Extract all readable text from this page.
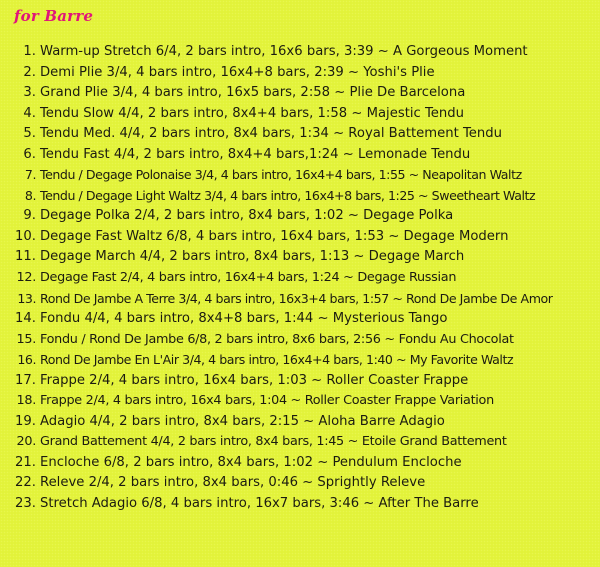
for Barre
1. Warm-up Stretch 6/4, 2 bars intro, 16x6 bars, 3:39 ~ A Gorgeous Moment
2. Demi Plie 3/4, 4 bars intro, 16x4+8 bars, 2:39 ~ Yoshi's Plie
3. Grand Plie 3/4, 4 bars intro, 16x5 bars, 2:58 ~ Plie De Barcelona
4. Tendu Slow 4/4, 2 bars intro, 8x4+4 bars, 1:58 ~ Majestic Tendu
5. Tendu Med. 4/4, 2 bars intro, 8x4 bars, 1:34 ~ Royal Battement Tendu
6. Tendu Fast 4/4, 2 bars intro, 8x4+4 bars,1:24 ~ Lemonade Tendu
7. Tendu / Degage Polonaise 3/4, 4 bars intro, 16x4+4 bars, 1:55 ~ Neapolitan Waltz
8. Tendu / Degage Light Waltz 3/4, 4 bars intro, 16x4+8 bars, 1:25 ~ Sweetheart Waltz
9. Degage Polka 2/4, 2 bars intro, 8x4 bars, 1:02 ~ Degage Polka
10. Degage Fast Waltz 6/8, 4 bars intro, 16x4 bars, 1:53 ~ Degage Modern
11. Degage March 4/4, 2 bars intro, 8x4 bars, 1:13 ~ Degage March
12. Degage Fast 2/4, 4 bars intro, 16x4+4 bars, 1:24 ~ Degage Russian
13. Rond De Jambe A Terre 3/4, 4 bars intro, 16x3+4 bars, 1:57 ~ Rond De Jambe De Amor
14. Fondu 4/4, 4 bars intro, 8x4+8 bars, 1:44 ~ Mysterious Tango
15. Fondu / Rond De Jambe 6/8, 2 bars intro, 8x6 bars, 2:56 ~ Fondu Au Chocolat
16. Rond De Jambe En L'Air 3/4, 4 bars intro, 16x4+4 bars, 1:40 ~ My Favorite Waltz
17. Frappe 2/4, 4 bars intro, 16x4 bars, 1:03 ~ Roller Coaster Frappe
18. Frappe 2/4, 4 bars intro, 16x4 bars, 1:04 ~ Roller Coaster Frappe Variation
19. Adagio 4/4, 2 bars intro, 8x4 bars, 2:15 ~ Aloha Barre Adagio
20. Grand Battement 4/4, 2 bars intro, 8x4 bars, 1:45 ~ Etoile Grand Battement
21. Encloche 6/8, 2 bars intro, 8x4 bars, 1:02 ~ Pendulum Encloche
22. Releve 2/4, 2 bars intro, 8x4 bars, 0:46 ~ Sprightly Releve
23. Stretch Adagio 6/8, 4 bars intro, 16x7 bars, 3:46 ~ After The Barre
